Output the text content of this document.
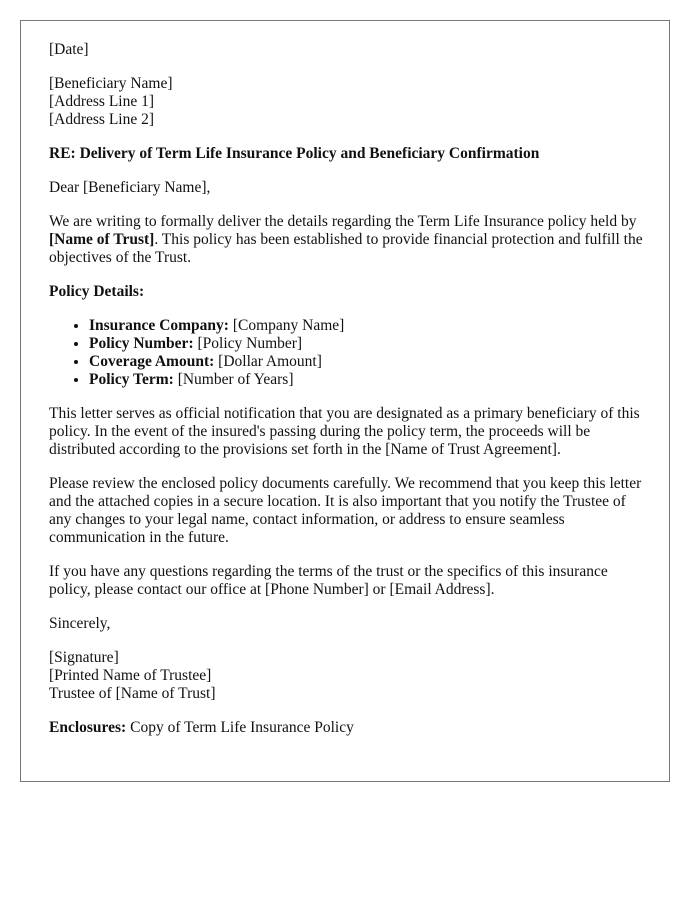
[Date]

[Beneficiary Name]
[Address Line 1]
[Address Line 2]

RE: Delivery of Term Life Insurance Policy and Beneficiary Confirmation

Dear [Beneficiary Name],

We are writing to formally deliver the details regarding the Term Life Insurance policy held by [Name of Trust]. This policy has been established to provide financial protection and fulfill the objectives of the Trust.

Policy Details:

• Insurance Company: [Company Name]
• Policy Number: [Policy Number]
• Coverage Amount: [Dollar Amount]
• Policy Term: [Number of Years]

This letter serves as official notification that you are designated as a primary beneficiary of this policy. In the event of the insured's passing during the policy term, the proceeds will be distributed according to the provisions set forth in the [Name of Trust Agreement].

Please review the enclosed policy documents carefully. We recommend that you keep this letter and the attached copies in a secure location. It is also important that you notify the Trustee of any changes to your legal name, contact information, or address to ensure seamless communication in the future.

If you have any questions regarding the terms of the trust or the specifics of this insurance policy, please contact our office at [Phone Number] or [Email Address].

Sincerely,

[Signature]
[Printed Name of Trustee]
Trustee of [Name of Trust]

Enclosures: Copy of Term Life Insurance Policy
